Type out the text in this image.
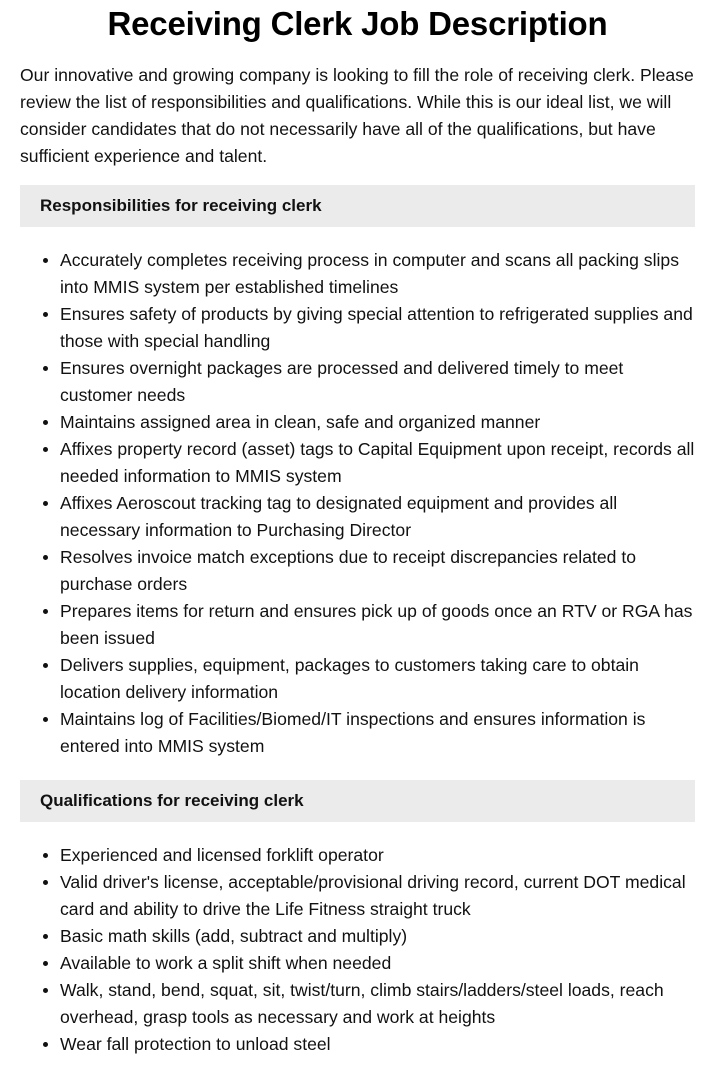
Receiving Clerk Job Description

Our innovative and growing company is looking to fill the role of receiving clerk. Please review the list of responsibilities and qualifications. While this is our ideal list, we will consider candidates that do not necessarily have all of the qualifications, but have sufficient experience and talent.

Responsibilities for receiving clerk
Accurately completes receiving process in computer and scans all packing slips into MMIS system per established timelines
Ensures safety of products by giving special attention to refrigerated supplies and those with special handling
Ensures overnight packages are processed and delivered timely to meet customer needs
Maintains assigned area in clean, safe and organized manner
Affixes property record (asset) tags to Capital Equipment upon receipt, records all needed information to MMIS system
Affixes Aeroscout tracking tag to designated equipment and provides all necessary information to Purchasing Director
Resolves invoice match exceptions due to receipt discrepancies related to purchase orders
Prepares items for return and ensures pick up of goods once an RTV or RGA has been issued
Delivers supplies, equipment, packages to customers taking care to obtain location delivery information
Maintains log of Facilities/Biomed/IT inspections and ensures information is entered into MMIS system
Qualifications for receiving clerk
Experienced and licensed forklift operator
Valid driver's license, acceptable/provisional driving record, current DOT medical card and ability to drive the Life Fitness straight truck
Basic math skills (add, subtract and multiply)
Available to work a split shift when needed
Walk, stand, bend, squat, sit, twist/turn, climb stairs/ladders/steel loads, reach overhead, grasp tools as necessary and work at heights
Wear fall protection to unload steel
